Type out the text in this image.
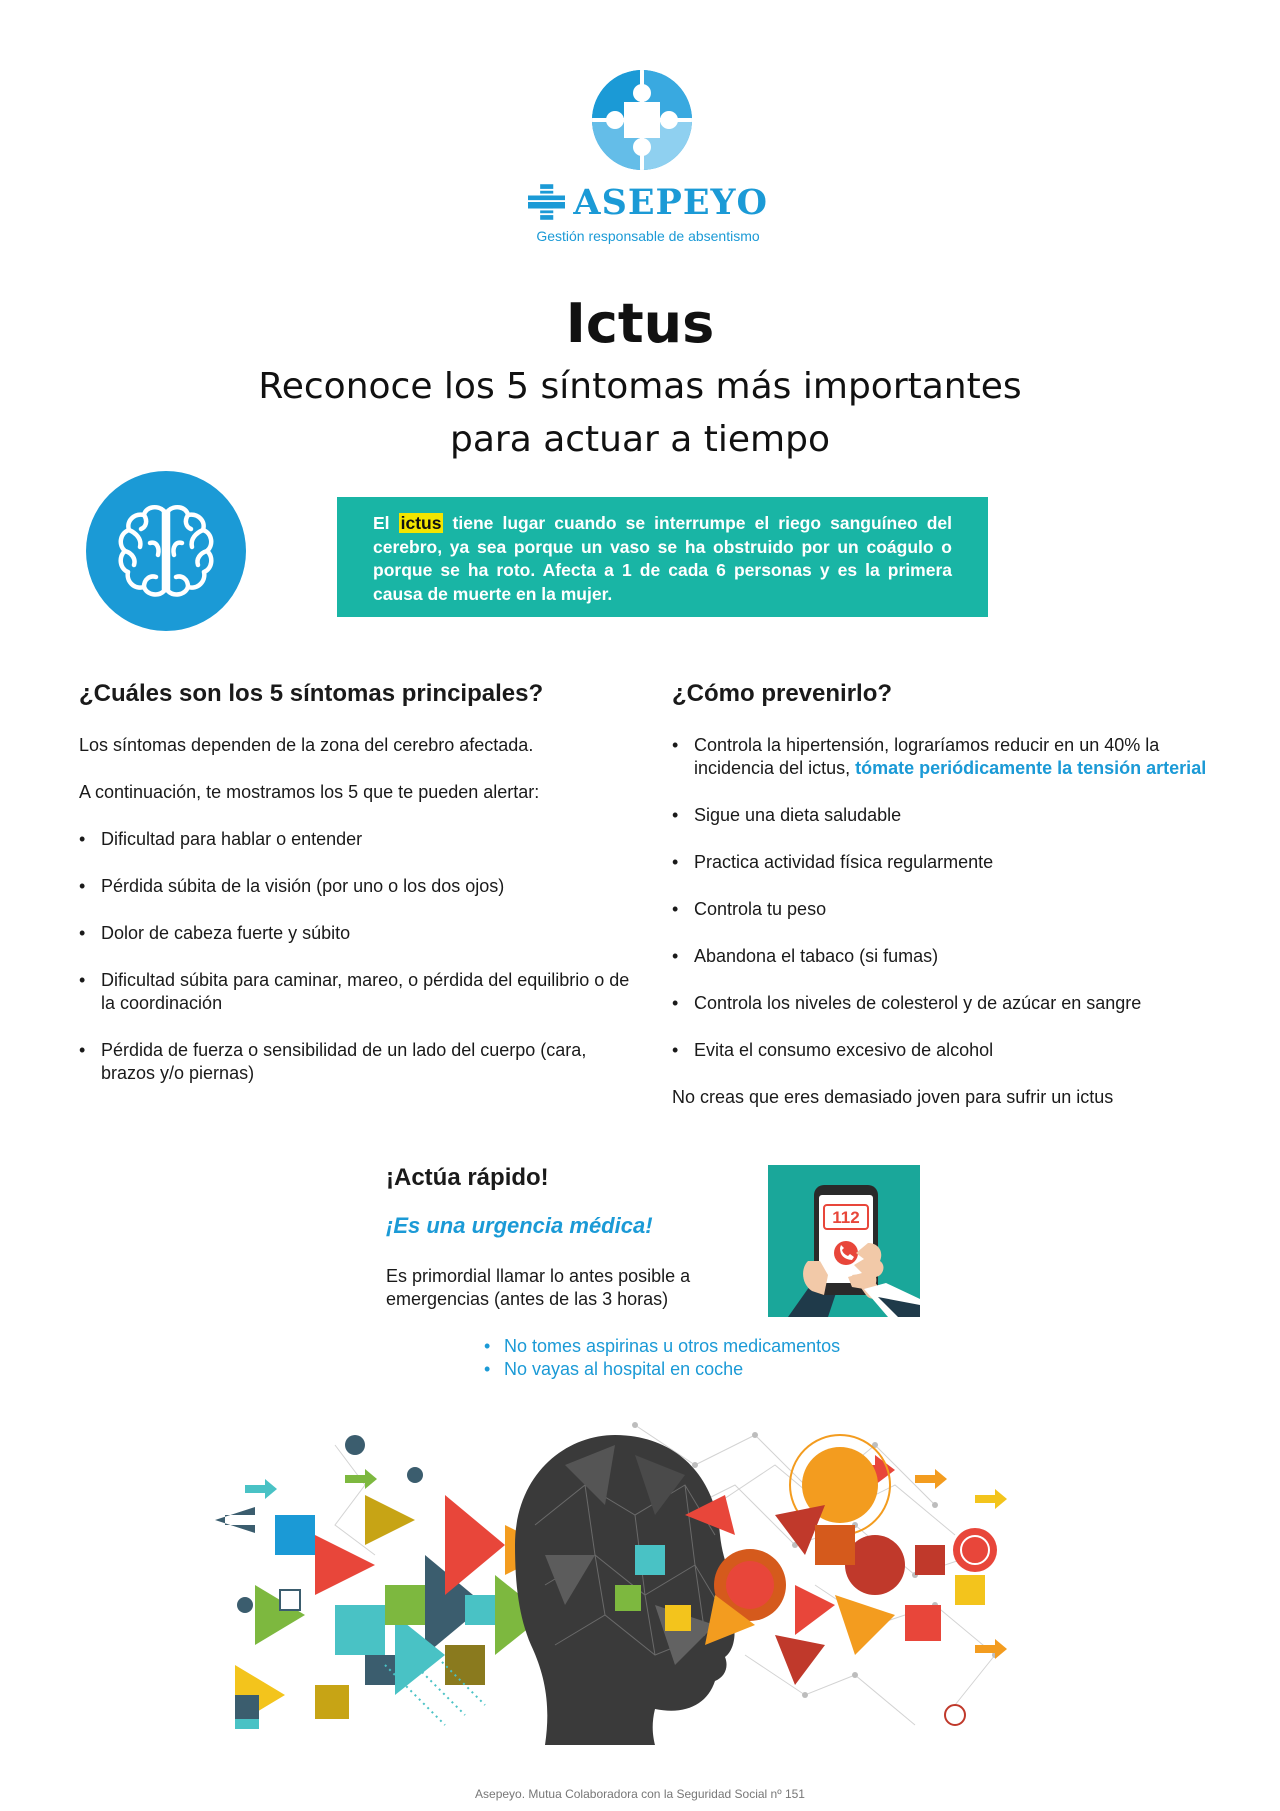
ASEPEYO
Gestión responsable de absentismo
Ictus
Reconoce los 5 síntomas más importantes
para actuar a tiempo
El ictus tiene lugar cuando se interrumpe el riego sanguíneo del cerebro, ya sea porque un vaso se ha obstruido por un coágulo o porque se ha roto. Afecta a 1 de cada 6 personas y es la primera causa de muerte en la mujer.
¿Cuáles son los 5 síntomas principales?

Los síntomas dependen de la zona del cerebro afectada.

A continuación, te mostramos los 5 que te pueden alertar:

• Dificultad para hablar o entender
• Pérdida súbita de la visión (por uno o los dos ojos)
• Dolor de cabeza fuerte y súbito
• Dificultad súbita para caminar, mareo, o pérdida del equilibrio o de la coordinación
• Pérdida de fuerza o sensibilidad de un lado del cuerpo (cara, brazos y/o piernas)
¿Cómo prevenirlo?
• Controla la hipertensión, lograríamos reducir en un 40% la incidencia del ictus, tómate periódicamente la tensión arterial
• Sigue una dieta saludable
• Practica actividad física regularmente
• Controla tu peso
• Abandona el tabaco (si fumas)
• Controla los niveles de colesterol y de azúcar en sangre
• Evita el consumo excesivo de alcohol

No creas que eres demasiado joven para sufrir un ictus

¡Actúa rápido!
¡Es una urgencia médica!
Es primordial llamar lo antes posible a emergencias (antes de las 3 horas)
112
• No tomes aspirinas u otros medicamentos
• No vayas al hospital en coche
Asepeyo. Mutua Colaboradora con la Seguridad Social nº 151
